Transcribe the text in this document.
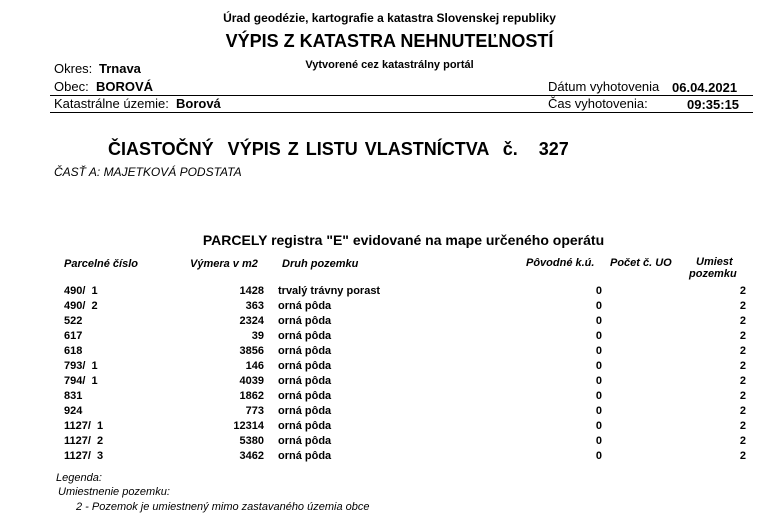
Úrad geodézie, kartografie a katastra Slovenskej republiky
VÝPIS Z KATASTRA NEHNUTEĽNOSTÍ
Vytvorené cez katastrálny portál
Okres: Trnava
Obec: BOROVÁ
Katastrálne územie: Borová
Dátum vyhotovenia 06.04.2021
Čas vyhotovenia:	09:35:15
ČIASTOČNÝ  VÝPIS Z LISTU VLASTNÍCTVA  č. 327
ČASŤ A: MAJETKOVÁ PODSTATA
PARCELY registra "E" evidované na mape určeného operátu
Parcelné číslo	Výmera v m2 Druh pozemku	Pôvodné k.ú. Počet č. UO Umiest
pozemku
490/  1	1428 trvalý trávny porast	0	2
490/  2	363 orná pôda	0	2
522	2324 orná pôda	0	2
617	39 orná pôda	0	2
618	3856 orná pôda	0	2
793/  1	146 orná pôda	0	2
794/  1	4039 orná pôda	0	2
831	1862 orná pôda	0	2
924	773 orná pôda	0	2
1127/  1	12314 orná pôda	0	2
1127/  2	5380 orná pôda	0	2
1127/  3	3462 orná pôda	0	2
Legenda:
Umiestnenie pozemku:
2 - Pozemok je umiestnený mimo zastavaného územia obce
